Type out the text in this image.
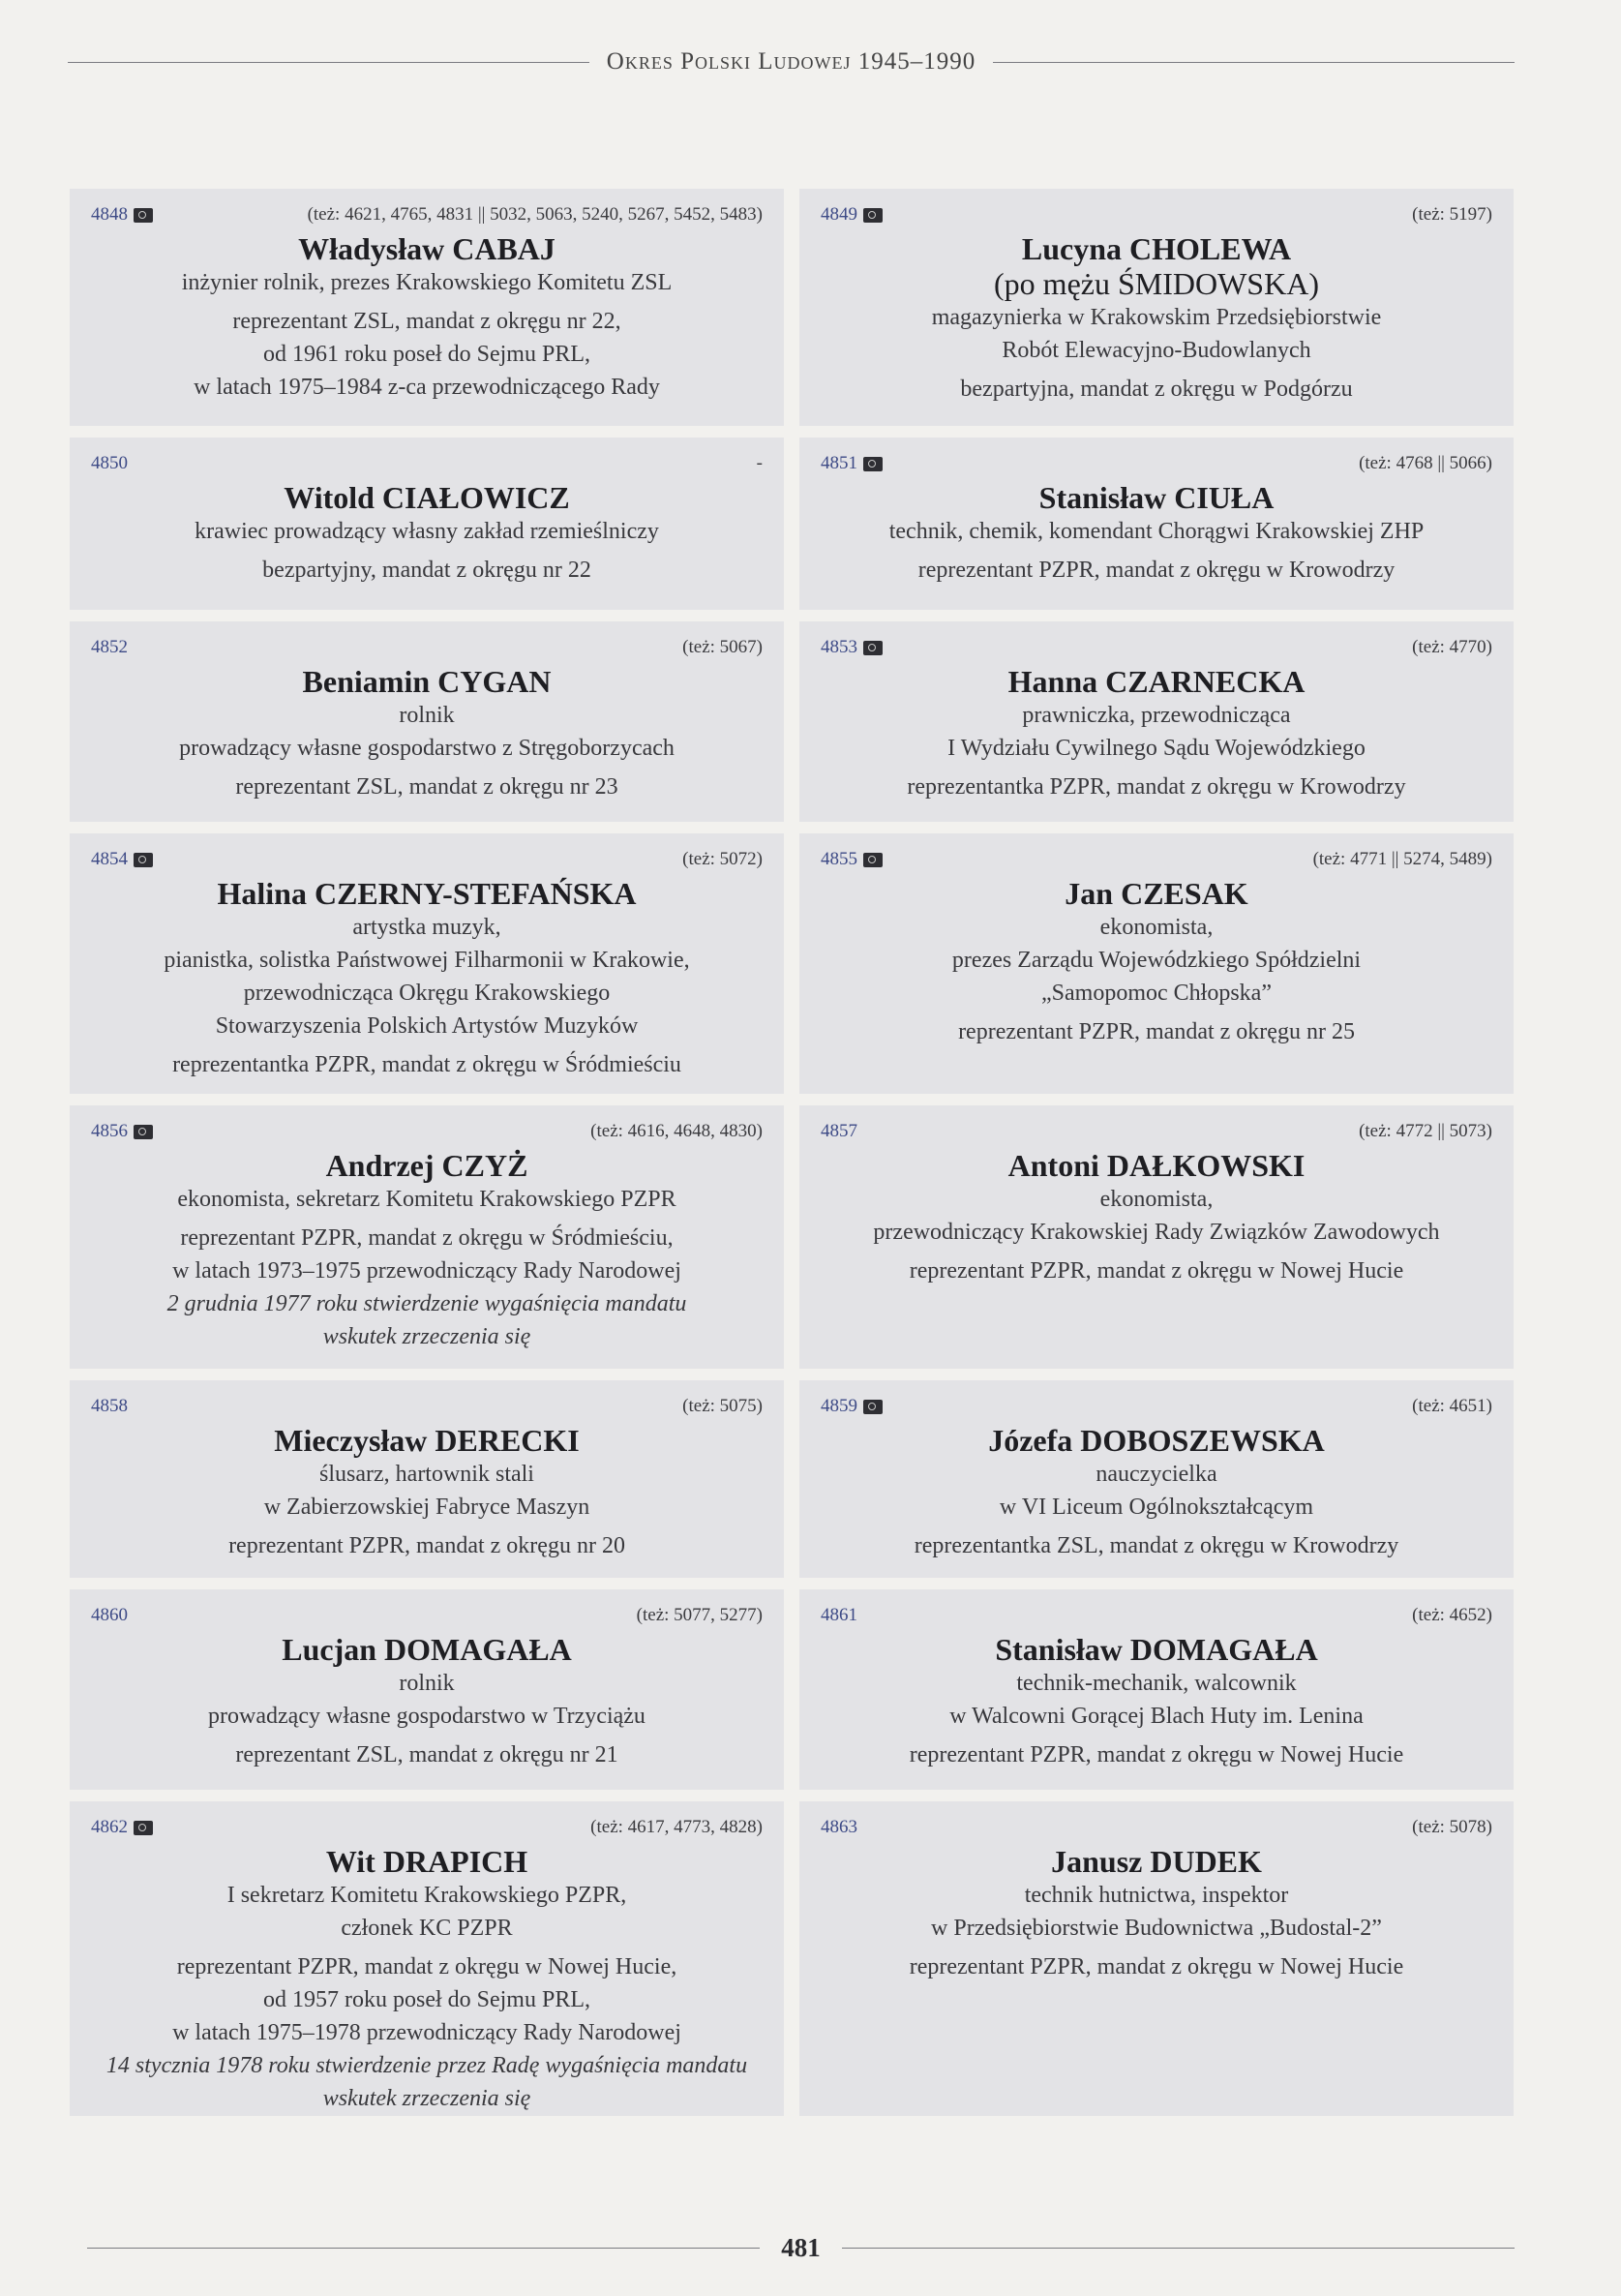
Okres Polski Ludowej 1945–1990
4848	(też: 4621, 4765, 4831 || 5032, 5063, 5240, 5267, 5452, 5483)
Władysław CABAJ
inżynier rolnik, prezes Krakowskiego Komitetu ZSL
reprezentant ZSL, mandat z okręgu nr 22,
od 1961 roku poseł do Sejmu PRL,
w latach 1975–1984 z-ca przewodniczącego Rady
4849	(też: 5197)
Lucyna CHOLEWA
(po mężu ŚMIDOWSKA)
magazynierka w Krakowskim Przedsiębiorstwie
Robót Elewacyjno-Budowlanych
bezpartyjna, mandat z okręgu w Podgórzu
4850	-
Witold CIAŁOWICZ
krawiec prowadzący własny zakład rzemieślniczy
bezpartyjny, mandat z okręgu nr 22
4851	(też: 4768 || 5066)
Stanisław CIUŁA
technik, chemik, komendant Chorągwi Krakowskiej ZHP
reprezentant PZPR, mandat z okręgu w Krowodrzy
4852	(też: 5067)
Beniamin CYGAN
rolnik
prowadzący własne gospodarstwo z Stręgoborzycach
reprezentant ZSL, mandat z okręgu nr 23
4853	(też: 4770)
Hanna CZARNECKA
prawniczka, przewodnicząca
I Wydziału Cywilnego Sądu Wojewódzkiego
reprezentantka PZPR, mandat z okręgu w Krowodrzy
4854	(też: 5072)
Halina CZERNY-STEFAŃSKA
artystka muzyk,
pianistka, solistka Państwowej Filharmonii w Krakowie,
przewodnicząca Okręgu Krakowskiego
Stowarzyszenia Polskich Artystów Muzyków
reprezentantka PZPR, mandat z okręgu w Śródmieściu
4855	(też: 4771 || 5274, 5489)
Jan CZESAK
ekonomista,
prezes Zarządu Wojewódzkiego Spółdzielni
„Samopomoc Chłopska”
reprezentant PZPR, mandat z okręgu nr 25
4856	(też: 4616, 4648, 4830)
Andrzej CZYŻ
ekonomista, sekretarz Komitetu Krakowskiego PZPR
reprezentant PZPR, mandat z okręgu w Śródmieściu,
w latach 1973–1975 przewodniczący Rady Narodowej
2 grudnia 1977 roku stwierdzenie wygaśnięcia mandatu
wskutek zrzeczenia się
4857	(też: 4772 || 5073)
Antoni DAŁKOWSKI
ekonomista,
przewodniczący Krakowskiej Rady Związków Zawodowych
reprezentant PZPR, mandat z okręgu w Nowej Hucie
4858	(też: 5075)
Mieczysław DERECKI
ślusarz, hartownik stali
w Zabierzowskiej Fabryce Maszyn
reprezentant PZPR, mandat z okręgu nr 20
4859	(też: 4651)
Józefa DOBOSZEWSKA
nauczycielka
w VI Liceum Ogólnokształcącym
reprezentantka ZSL, mandat z okręgu w Krowodrzy
4860	(też: 5077, 5277)
Lucjan DOMAGAŁA
rolnik
prowadzący własne gospodarstwo w Trzyciążu
reprezentant ZSL, mandat z okręgu nr 21
4861	(też: 4652)
Stanisław DOMAGAŁA
technik-mechanik, walcownik
w Walcowni Gorącej Blach Huty im. Lenina
reprezentant PZPR, mandat z okręgu w Nowej Hucie
4862	(też: 4617, 4773, 4828)
Wit DRAPICH
I sekretarz Komitetu Krakowskiego PZPR,
członek KC PZPR
reprezentant PZPR, mandat z okręgu w Nowej Hucie,
od 1957 roku poseł do Sejmu PRL,
w latach 1975–1978 przewodniczący Rady Narodowej
14 stycznia 1978 roku stwierdzenie przez Radę wygaśnięcia mandatu
wskutek zrzeczenia się
4863	(też: 5078)
Janusz DUDEK
technik hutnictwa, inspektor
w Przedsiębiorstwie Budownictwa „Budostal-2”
reprezentant PZPR, mandat z okręgu w Nowej Hucie
481
